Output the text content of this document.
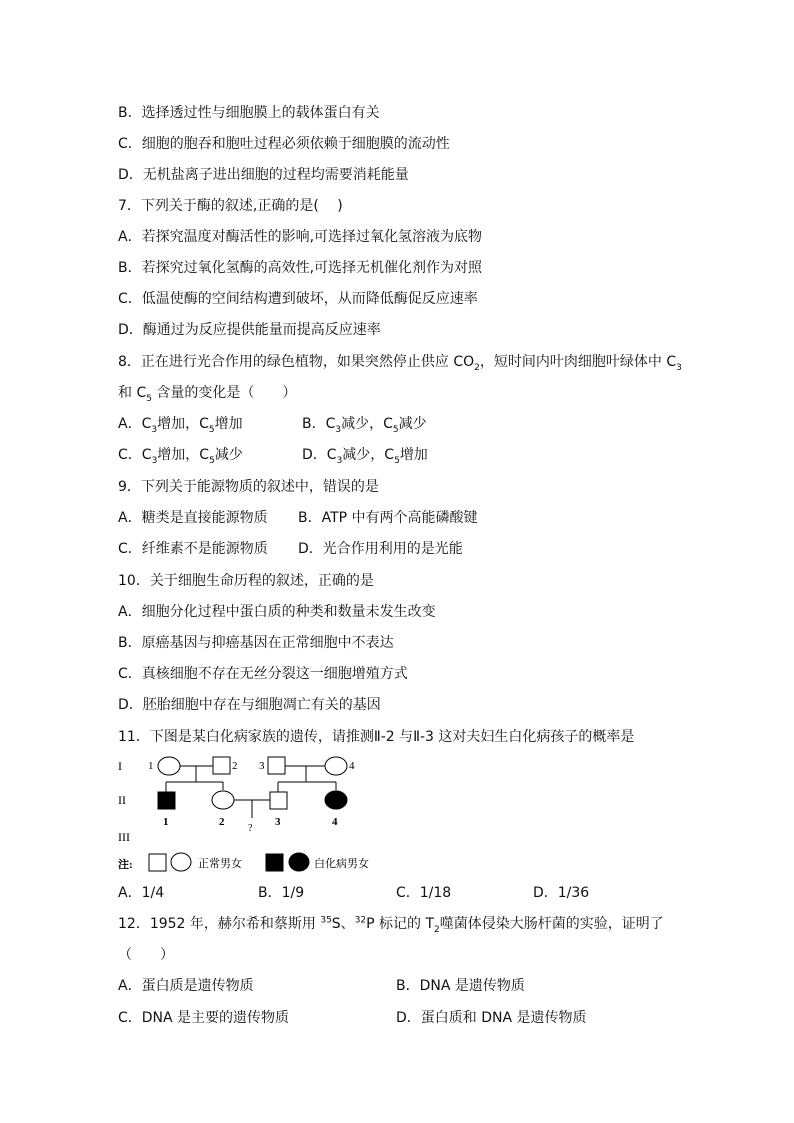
B．选择透过性与细胞膜上的载体蛋白有关
C．细胞的胞吞和胞吐过程必须依赖于细胞膜的流动性
D．无机盐离子进出细胞的过程均需要消耗能量
7．下列关于酶的叙述,正确的是(　 )
A．若探究温度对酶活性的影响,可选择过氧化氢溶液为底物
B．若探究过氧化氢酶的高效性,可选择无机催化剂作为对照
C．低温使酶的空间结构遭到破坏，从而降低酶促反应速率
D．酶通过为反应提供能量而提高反应速率
8．正在进行光合作用的绿色植物，如果突然停止供应 $CO_2$，短时间内叶肉细胞叶绿体中 $C_3$
和 $C_5$ 含量的变化是（　　）
A．$C_3$增加，$C_5$增加	B．$C_3$减少，$C_5$减少
C．$C_3$增加，$C_5$减少	D．$C_3$减少，$C_5$增加
9．下列关于能源物质的叙述中，错误的是
A．糖类是直接能源物质 B．ATP 中有两个高能磷酸键
C．纤维素不是能源物质 D．光合作用利用的是光能
10．关于细胞生命历程的叙述，正确的是
A．细胞分化过程中蛋白质的种类和数量未发生改变
B．原癌基因与抑癌基因在正常细胞中不表达
C．真核细胞不存在无丝分裂这一细胞增殖方式
D．胚胎细胞中存在与细胞凋亡有关的基因
11．下图是某白化病家族的遗传，请推测Ⅱ-2 与Ⅱ-3 这对夫妇生白化病孩子的概率是
I 1	2 3	4
II
1	2
?
3	4
III
注:	正常男女	白化病男女
A．1/4	B．1/9	C．1/18	D．1/36
12．1952 年，赫尔希和蔡斯用 $^{35}$S、$^{32}$P 标记的 $T_2$噬菌体侵染大肠杆菌的实验，证明了
（　　）
A．蛋白质是遗传物质	B．DNA 是遗传物质
C．DNA 是主要的遗传物质	D．蛋白质和 DNA 是遗传物质
